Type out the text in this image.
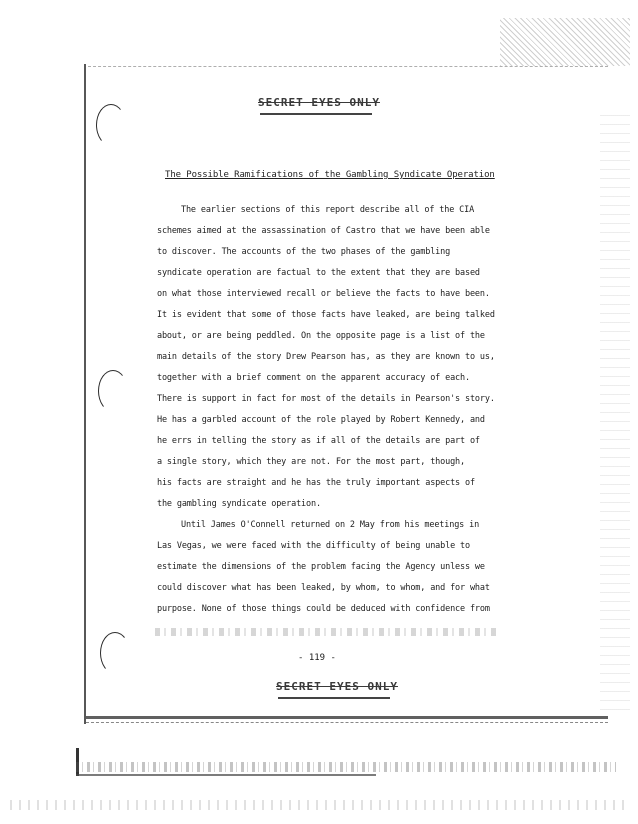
SECRET EYES ONLY
The Possible Ramifications of the Gambling Syndicate Operation
The earlier sections of this report describe all of the CIA
schemes aimed at the assassination of Castro that we have been able
to discover. The accounts of the two phases of the gambling
syndicate operation are factual to the extent that they are based
on what those interviewed recall or believe the facts to have been.
It is evident that some of those facts have leaked, are being talked
about, or are being peddled. On the opposite page is a list of the
main details of the story Drew Pearson has, as they are known to us,
together with a brief comment on the apparent accuracy of each.
There is support in fact for most of the details in Pearson's story.
He has a garbled account of the role played by Robert Kennedy, and
he errs in telling the story as if all of the details are part of
a single story, which they are not. For the most part, though,
his facts are straight and he has the truly important aspects of
the gambling syndicate operation.
Until James O'Connell returned on 2 May from his meetings in
Las Vegas, we were faced with the difficulty of being unable to
estimate the dimensions of the problem facing the Agency unless we
could discover what has been leaked, by whom, to whom, and for what
purpose. None of those things could be deduced with confidence from
- 119 -
SECRET EYES ONLY
